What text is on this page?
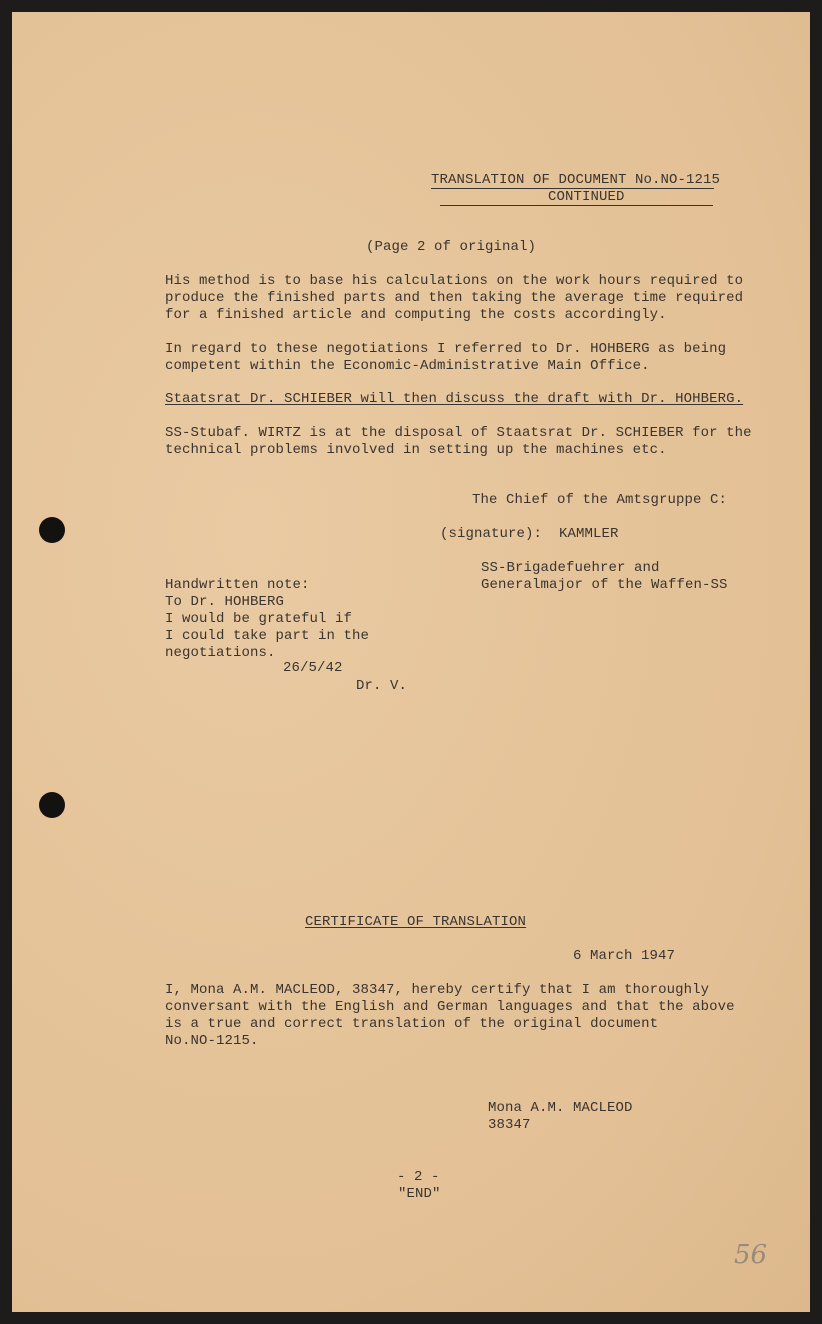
TRANSLATION OF DOCUMENT No.NO-1215
CONTINUED
(Page 2 of original)
His method is to base his calculations on the work hours required to
produce the finished parts and then taking the average time required
for a finished article and computing the costs accordingly.
In regard to these negotiations I referred to Dr. HOHBERG as being
competent within the Economic-Administrative Main Office.
Staatsrat Dr. SCHIEBER will then discuss the draft with Dr. HOHBERG.
SS-Stubaf. WIRTZ is at the disposal of Staatsrat Dr. SCHIEBER for the
technical problems involved in setting up the machines etc.
The Chief of the Amtsgruppe C:
(signature):  KAMMLER
SS-Brigadefuehrer and
Generalmajor of the Waffen-SS
Handwritten note:
To Dr. HOHBERG
I would be grateful if
I could take part in the
negotiations.
26/5/42
Dr. V.
CERTIFICATE OF TRANSLATION
6 March 1947
I, Mona A.M. MACLEOD, 38347, hereby certify that I am thoroughly
conversant with the English and German languages and that the above
is a true and correct translation of the original document
No.NO-1215.
Mona A.M. MACLEOD
38347
- 2 -
"END"
56
